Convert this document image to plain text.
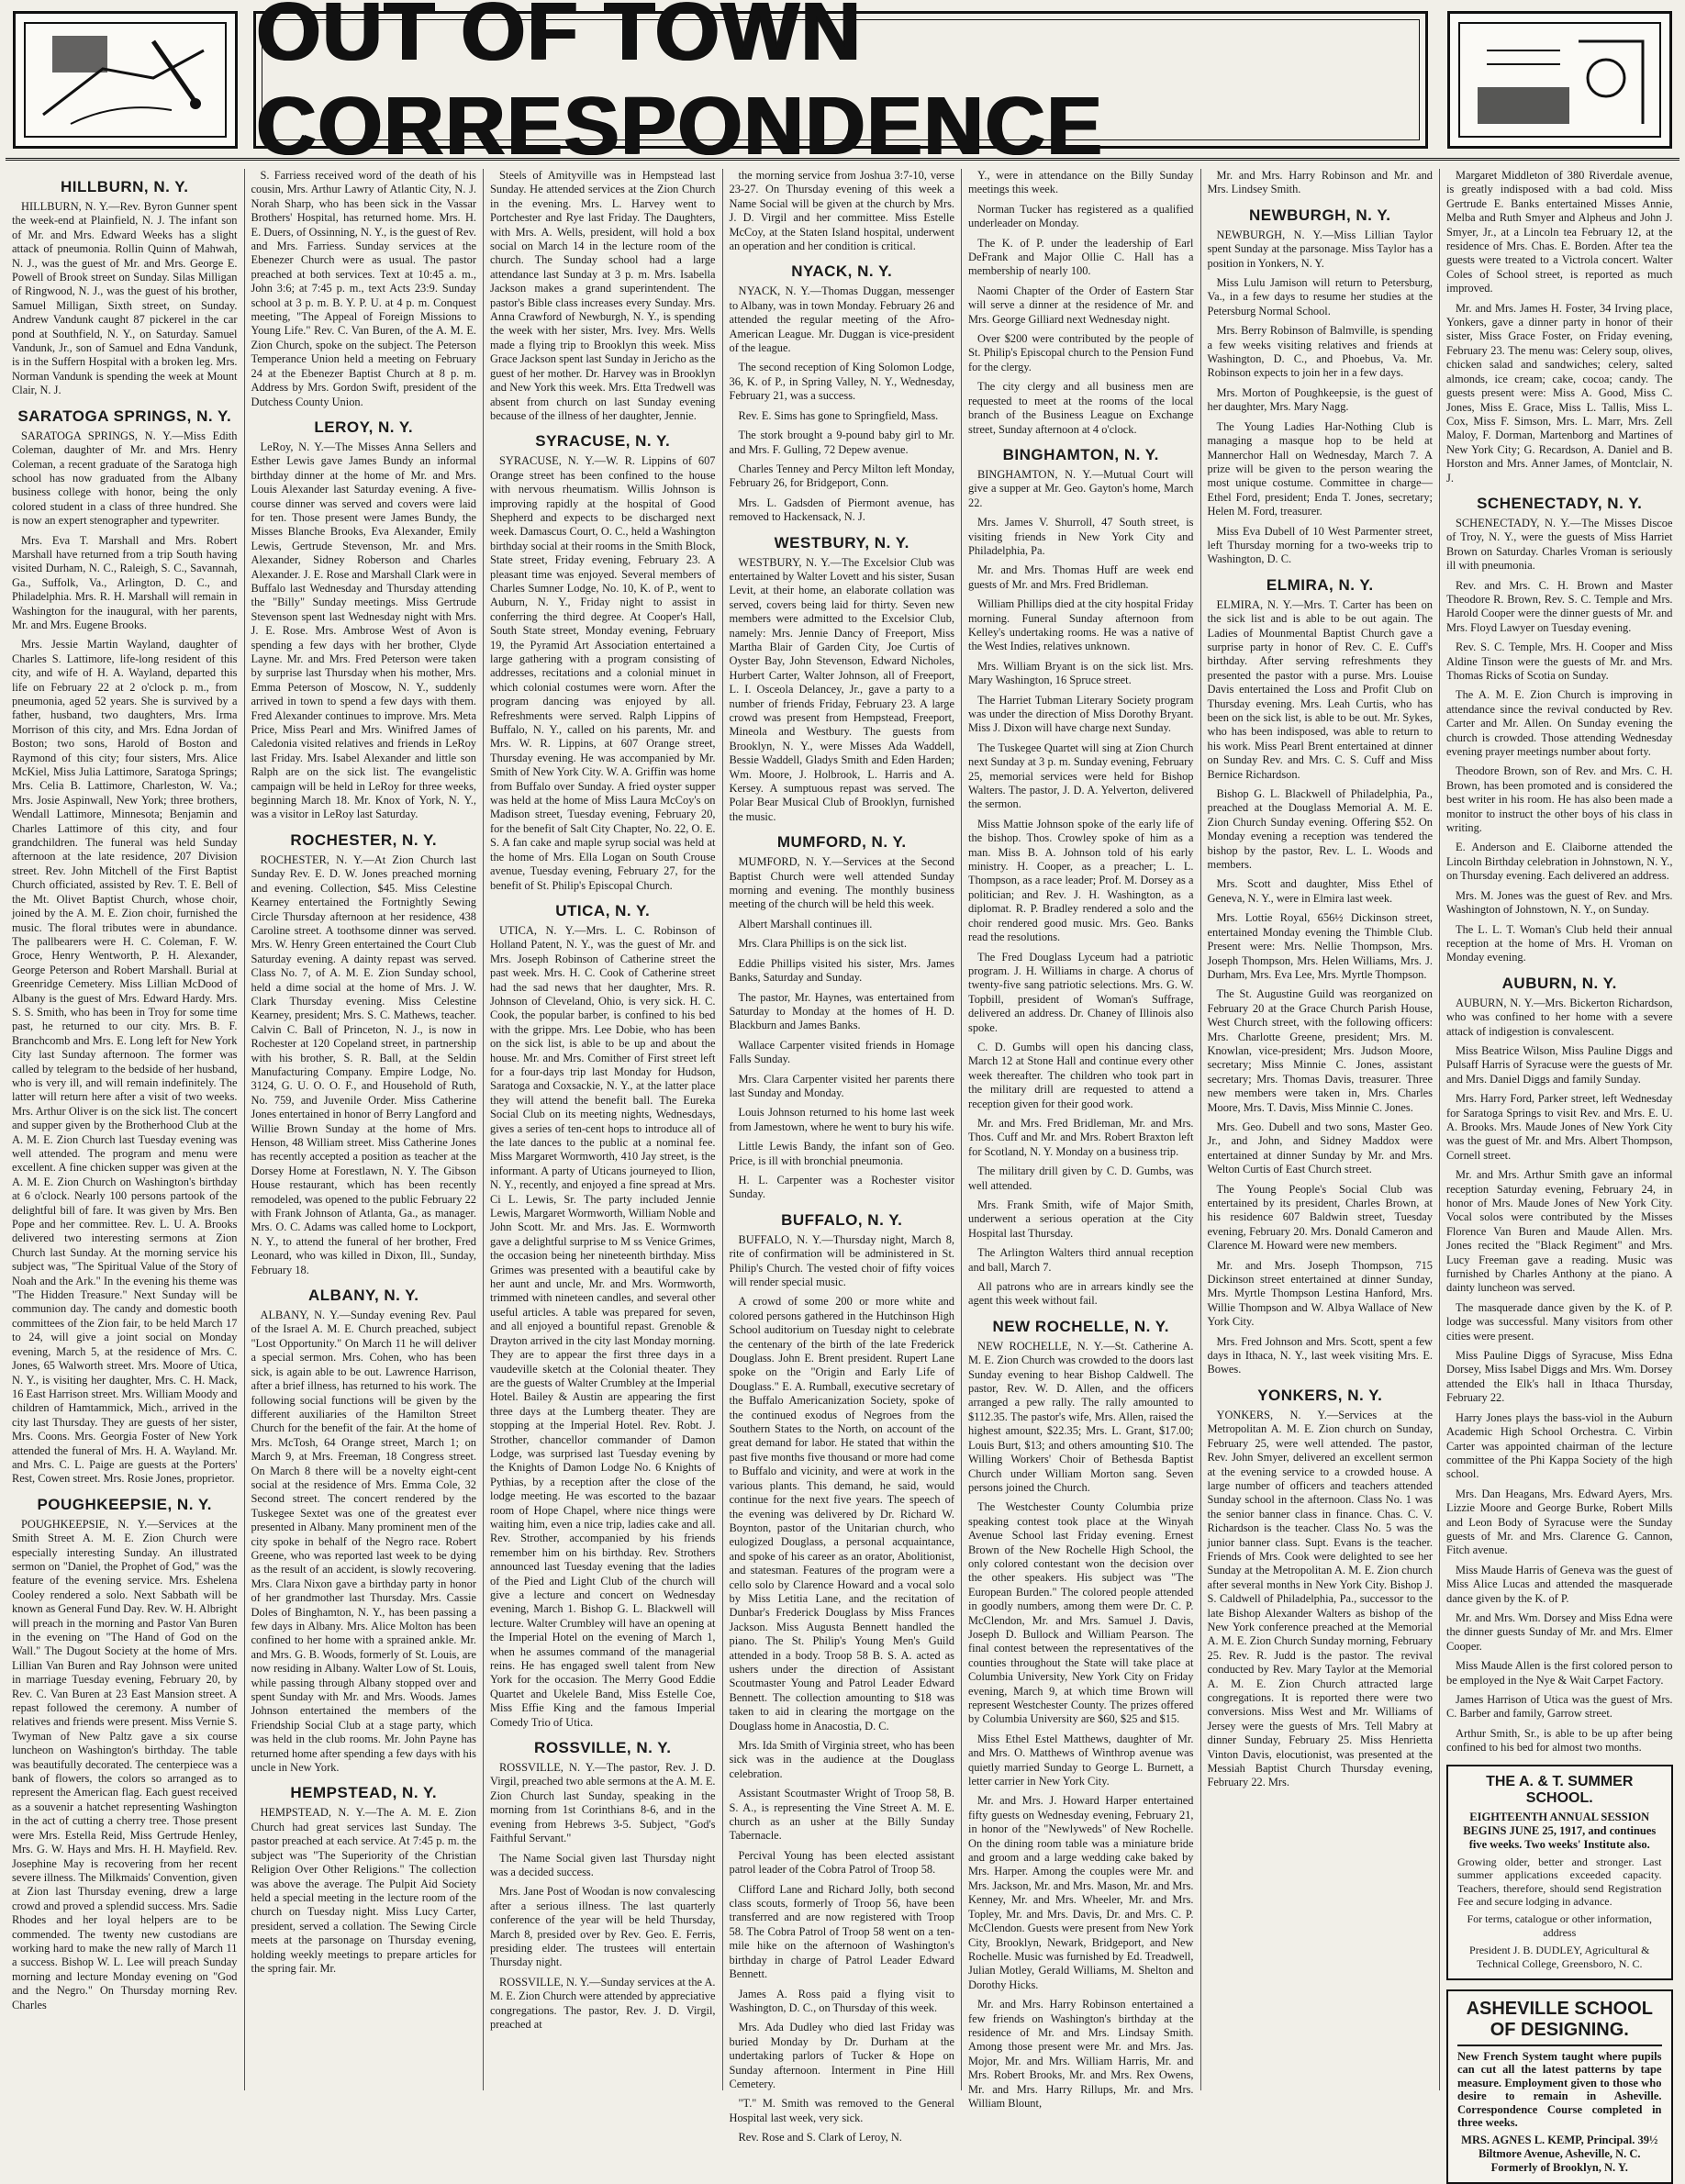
OUT OF TOWN CORRESPONDENCE
HILLBURN, N. Y.

HILLBURN, N. Y.—Rev. Byron Gunner spent the week-end at Plainfield, N. J. The infant son of Mr. and Mrs. Edward Weeks has a slight attack of pneumonia. Rollin Quinn of Mahwah, N. J., was the guest of Mr. and Mrs. George E. Powell of Brook street on Sunday. Silas Milligan of Ringwood, N. J., was the guest of his brother, Samuel Milligan, Sixth street, on Sunday. Andrew Vandunk caught 87 pickerel in the car pond at Southfield, N. Y., on Saturday. Samuel Vandunk, Jr., son of Samuel and Edna Vandunk, is in the Suffern Hospital with a broken leg. Mrs. Norman Vandunk is spending the week at Mount Clair, N. J.

SARATOGA SPRINGS, N. Y.

SARATOGA SPRINGS, N. Y.—Miss Edith Coleman, daughter of Mr. and Mrs. Henry Coleman, a recent graduate of the Saratoga high school has now graduated from the Albany business college with honor, being the only colored student in a class of three hundred. She is now an expert stenographer and typewriter.

Mrs. Eva T. Marshall and Mrs. Robert Marshall have returned from a trip South having visited Durham, N. C., Raleigh, S. C., Savannah, Ga., Suffolk, Va., Arlington, D. C., and Philadelphia. Mrs. R. H. Marshall will remain in Washington for the inaugural, with her parents, Mr. and Mrs. Eugene Brooks.

Mrs. Jessie Martin Wayland, daughter of Charles S. Lattimore, life-long resident of this city, and wife of H. A. Wayland, departed this life on February 22 at 2 o'clock p. m., from pneumonia, aged 52 years. She is survived by a father, husband, two daughters, Mrs. Irma Morrison of this city, and Mrs. Edna Jordan of Boston; two sons, Harold of Boston and Raymond of this city; four sisters, Mrs. Alice McKiel, Miss Julia Lattimore, Saratoga Springs; Mrs. Celia B. Lattimore, Charleston, W. Va.; Mrs. Josie Aspinwall, New York; three brothers, Wendall Lattimore, Minnesota; Benjamin and Charles Lattimore of this city, and four grandchildren. The funeral was held Sunday afternoon at the late residence, 207 Division street. Rev. John Mitchell of the First Baptist Church officiated, assisted by Rev. T. E. Bell of the Mt. Olivet Baptist Church, whose choir, joined by the A. M. E. Zion choir, furnished the music. The floral tributes were in abundance. The pallbearers were H. C. Coleman, F. W. Groce, Henry Wentworth, P. H. Alexander, George Peterson and Robert Marshall. Burial at Greenridge Cemetery. Miss Lillian McDood of Albany is the guest of Mrs. Edward Hardy. Mrs. S. S. Smith, who has been in Troy for some time past, he returned to our city. Mrs. B. F. Branchcomb and Mrs. E. Long left for New York City last Sunday afternoon. The former was called by telegram to the bedside of her husband, who is very ill, and will remain indefinitely. The latter will return here after a visit of two weeks. Mrs. Arthur Oliver is on the sick list. The concert and supper given by the Brotherhood Club at the A. M. E. Zion Church last Tuesday evening was well attended. The program and menu were excellent. A fine chicken supper was given at the A. M. E. Zion Church on Washington's birthday at 6 o'clock. Nearly 100 persons partook of the delightful bill of fare. It was given by Mrs. Ben Pope and her committee. Rev. L. U. A. Brooks delivered two interesting sermons at Zion Church last Sunday. At the morning service his subject was, "The Spiritual Value of the Story of Noah and the Ark." In the evening his theme was "The Hidden Treasure." Next Sunday will be communion day. The candy and domestic booth committees of the Zion fair, to be held March 17 to 24, will give a joint social on Monday evening, March 5, at the residence of Mrs. C. Jones, 65 Walworth street. Mrs. Moore of Utica, N. Y., is visiting her daughter, Mrs. C. H. Mack, 16 East Harrison street. Mrs. William Moody and children of Hamtammick, Mich., arrived in the city last Thursday. They are guests of her sister, Mrs. Coons. Mrs. Georgia Foster of New York attended the funeral of Mrs. H. A. Wayland. Mr. and Mrs. C. L. Paige are guests at the Porters' Rest, Cowen street. Mrs. Rosie Jones, proprietor.

POUGHKEEPSIE, N. Y.

POUGHKEEPSIE, N. Y.—Services at the Smith Street A. M. E. Zion Church were especially interesting Sunday. An illustrated sermon on "Daniel, the Prophet of God," was the feature of the evening service. Mrs. Eshelena Cooley rendered a solo. Next Sabbath will be known as General Fund Day. Rev. W. H. Albright will preach in the morning and Pastor Van Buren in the evening on "The Hand of God on the Wall." The Dugout Society at the home of Mrs. Lillian Van Buren and Ray Johnson were united in marriage Tuesday evening, February 20, by Rev. C. Van Buren at 23 East Mansion street. A repast followed the ceremony. A number of relatives and friends were present. Miss Vernie S. Twyman of New Paltz gave a six course luncheon on Washington's birthday. The table was beautifully decorated. The centerpiece was a bank of flowers, the colors so arranged as to represent the American flag. Each guest received as a souvenir a hatchet representing Washington in the act of cutting a cherry tree. Those present were Mrs. Estella Reid, Miss Gertrude Henley, Mrs. G. W. Hays and Mrs. H. H. Mayfield. Rev. Josephine May is recovering from her recent severe illness. The Milkmaids' Convention, given at Zion last Thursday evening, drew a large crowd and proved a splendid success. Mrs. Sadie Rhodes and her loyal helpers are to be commended. The twenty new custodians are working hard to make the new rally of March 11 a success. Bishop W. L. Lee will preach Sunday morning and lecture Monday evening on "God and the Negro." On Thursday morning Rev. Charles

S. Farriess received word of the death of his cousin, Mrs. Arthur Lawry of Atlantic City, N. J. Norah Sharp, who has been sick in the Vassar Brothers' Hospital, has returned home. Mrs. H. E. Duers, of Ossinning, N. Y., is the guest of Rev. and Mrs. Farriess. Sunday services at the Ebenezer Church were as usual. The pastor preached at both services. Text at 10:45 a. m., John 3:6; at 7:45 p. m., text Acts 23:9. Sunday school at 3 p. m. B. Y. P. U. at 4 p. m. Conquest meeting, "The Appeal of Foreign Missions to Young Life." Rev. C. Van Buren, of the A. M. E. Zion Church, spoke on the subject. The Peterson Temperance Union held a meeting on February 24 at the Ebenezer Baptist Church at 8 p. m. Address by Mrs. Gordon Swift, president of the Dutchess County Union.

LEROY, N. Y.

LeRoy, N. Y.—The Misses Anna Sellers and Esther Lewis gave James Bundy an informal birthday dinner at the home of Mr. and Mrs. Louis Alexander last Saturday evening. A five-course dinner was served and covers were laid for ten. Those present were James Bundy, the Misses Blanche Brooks, Eva Alexander, Emily Lewis, Gertrude Stevenson, Mr. and Mrs. Alexander, Sidney Roberson and Charles Alexander. J. E. Rose and Marshall Clark were in Buffalo last Wednesday and Thursday attending the "Billy" Sunday meetings. Miss Gertrude Stevenson spent last Wednesday night with Mrs. J. E. Rose. Mrs. Ambrose West of Avon is spending a few days with her brother, Clyde Layne. Mr. and Mrs. Fred Peterson were taken by surprise last Thursday when his mother, Mrs. Emma Peterson of Moscow, N. Y., suddenly arrived in town to spend a few days with them. Fred Alexander continues to improve. Mrs. Meta Price, Miss Pearl and Mrs. Winifred James of Caledonia visited relatives and friends in LeRoy last Friday. Mrs. Isabel Alexander and little son Ralph are on the sick list. The evangelistic campaign will be held in LeRoy for three weeks, beginning March 18. Mr. Knox of York, N. Y., was a visitor in LeRoy last Saturday.

ROCHESTER, N. Y.

ROCHESTER, N. Y.—At Zion Church last Sunday Rev. E. D. W. Jones preached morning and evening. Collection, $45. Miss Celestine Kearney entertained the Fortnightly Sewing Circle Thursday afternoon at her residence, 438 Caroline street. A toothsome dinner was served. Mrs. W. Henry Green entertained the Court Club Saturday evening. A dainty repast was served. Class No. 7, of A. M. E. Zion Sunday school, held a dime social at the home of Mrs. J. W. Clark Thursday evening. Miss Celestine Kearney, president; Mrs. S. C. Mathews, teacher. Calvin C. Ball of Princeton, N. J., is now in Rochester at 120 Copeland street, in partnership with his brother, S. R. Ball, at the Seldin Manufacturing Company. Empire Lodge, No. 3124, G. U. O. O. F., and Household of Ruth, No. 759, and Juvenile Order. Miss Catherine Jones entertained in honor of Berry Langford and Willie Brown Sunday at the home of Mrs. Henson, 48 William street. Miss Catherine Jones has recently accepted a position as teacher at the Dorsey Home at Forestlawn, N. Y. The Gibson House restaurant, which has been recently remodeled, was opened to the public February 22 with Frank Johnson of Atlanta, Ga., as manager. Mrs. O. C. Adams was called home to Lockport, N. Y., to attend the funeral of her brother, Fred Leonard, who was killed in Dixon, Ill., Sunday, February 18.

ALBANY, N. Y.

ALBANY, N. Y.—Sunday evening Rev. Paul of the Israel A. M. E. Church preached, subject "Lost Opportunity." On March 11 he will deliver a special sermon. Mrs. Cohen, who has been sick, is again able to be out. Lawrence Harrison, after a brief illness, has returned to his work. The following social functions will be given by the different auxiliaries of the Hamilton Street Church for the benefit of the fair. At the home of Mrs. McTosh, 64 Orange street, March 1; on March 9, at Mrs. Freeman, 18 Congress street. On March 8 there will be a novelty eight-cent social at the residence of Mrs. Emma Cole, 32 Second street. The concert rendered by the Tuskegee Sextet was one of the greatest ever presented in Albany. Many prominent men of the city spoke in behalf of the Negro race. Robert Greene, who was reported last week to be dying as the result of an accident, is slowly recovering. Mrs. Clara Nixon gave a birthday party in honor of her grandmother last Thursday. Mrs. Cassie Doles of Binghamton, N. Y., has been passing a few days in Albany. Mrs. Alice Molton has been confined to her home with a sprained ankle. Mr. and Mrs. G. B. Woods, formerly of St. Louis, are now residing in Albany. Walter Low of St. Louis, while passing through Albany stopped over and spent Sunday with Mr. and Mrs. Woods. James Johnson entertained the members of the Friendship Social Club at a stage party, which was held in the club rooms. Mr. John Payne has returned home after spending a few days with his uncle in New York.

HEMPSTEAD, N. Y.

HEMPSTEAD, N. Y.—The A. M. E. Zion Church had great services last Sunday. The pastor preached at each service. At 7:45 p. m. the subject was "The Superiority of the Christian Religion Over Other Religions." The collection was above the average. The Pulpit Aid Society held a special meeting in the lecture room of the church on Tuesday night. Miss Lucy Carter, president, served a collation. The Sewing Circle meets at the parsonage on Thursday evening, holding weekly meetings to prepare articles for the spring fair. Mr.

Steels of Amityville was in Hempstead last Sunday. He attended services at the Zion Church in the evening. Mrs. L. Harvey went to Portchester and Rye last Friday. The Daughters, with Mrs. A. Wells, president, will hold a box social on March 14 in the lecture room of the church. The Sunday school had a large attendance last Sunday at 3 p. m. Mrs. Isabella Jackson makes a grand superintendent. The pastor's Bible class increases every Sunday. Mrs. Anna Crawford of Newburgh, N. Y., is spending the week with her sister, Mrs. Ivey. Mrs. Wells made a flying trip to Brooklyn this week. Miss Grace Jackson spent last Sunday in Jericho as the guest of her mother. Dr. Harvey was in Brooklyn and New York this week. Mrs. Etta Tredwell was absent from church on last Sunday evening because of the illness of her daughter, Jennie.

SYRACUSE, N. Y.

SYRACUSE, N. Y.—W. R. Lippins of 607 Orange street has been confined to the house with nervous rheumatism. Willis Johnson is improving rapidly at the hospital of Good Shepherd and expects to be discharged next week. Damascus Court, O. C., held a Washington birthday social at their rooms in the Smith Block, State street, Friday evening, February 23. A pleasant time was enjoyed. Several members of Charles Sumner Lodge, No. 10, K. of P., went to Auburn, N. Y., Friday night to assist in conferring the third degree. At Cooper's Hall, South State street, Monday evening, February 19, the Pyramid Art Association entertained a large gathering with a program consisting of addresses, recitations and a colonial minuet in which colonial costumes were worn. After the program dancing was enjoyed by all. Refreshments were served. Ralph Lippins of Buffalo, N. Y., called on his parents, Mr. and Mrs. W. R. Lippins, at 607 Orange street, Thursday evening. He was accompanied by Mr. Smith of New York City. W. A. Griffin was home from Buffalo over Sunday. A fried oyster supper was held at the home of Miss Laura McCoy's on Madison street, Tuesday evening, February 20, for the benefit of Salt City Chapter, No. 22, O. E. S. A fan cake and maple syrup social was held at the home of Mrs. Ella Logan on South Crouse avenue, Tuesday evening, February 27, for the benefit of St. Philip's Episcopal Church.

UTICA, N. Y.

UTICA, N. Y.—Mrs. L. C. Robinson of Holland Patent, N. Y., was the guest of Mr. and Mrs. Joseph Robinson of Catherine street the past week. Mrs. H. C. Cook of Catherine street had the sad news that her daughter, Mrs. R. Johnson of Cleveland, Ohio, is very sick. H. C. Cook, the popular barber, is confined to his bed with the grippe. Mrs. Lee Dobie, who has been on the sick list, is able to be up and about the house. Mr. and Mrs. Comither of First street left for a four-days trip last Monday for Hudson, Saratoga and Coxsackie, N. Y., at the latter place they will attend the benefit ball. The Eureka Social Club on its meeting nights, Wednesdays, gives a series of ten-cent hops to introduce all of the late dances to the public at a nominal fee. Miss Margaret Wormworth, 410 Jay street, is the informant. A party of Uticans journeyed to Ilion, N. Y., recently, and enjoyed a fine spread at Mrs. Ci L. Lewis, Sr. The party included Jennie Lewis, Margaret Wormworth, William Noble and John Scott. Mr. and Mrs. Jas. E. Wormworth gave a delightful surprise to M ss Venice Grimes, the occasion being her nineteenth birthday. Miss Grimes was presented with a beautiful cake by her aunt and uncle, Mr. and Mrs. Wormworth, trimmed with nineteen candles, and several other useful articles. A table was prepared for seven, and all enjoyed a bountiful repast. Grenoble & Drayton arrived in the city last Monday morning. They are to appear the first three days in a vaudeville sketch at the Colonial theater. They are the guests of Walter Crumbley at the Imperial Hotel. Bailey & Austin are appearing the first three days at the Lumberg theater. They are stopping at the Imperial Hotel. Rev. Robt. J. Strother, chancellor commander of Damon Lodge, was surprised last Tuesday evening by the Knights of Damon Lodge No. 6 Knights of Pythias, by a reception after the close of the lodge meeting. He was escorted to the bazaar room of Hope Chapel, where nice things were waiting him, even a nice trip, ladies cake and all. Rev. Strother, accompanied by his friends remember him on his birthday. Rev. Strothers announced last Tuesday evening that the ladies of the Pied and Light Club of the church will give a lecture and concert on Wednesday evening, March 1. Bishop G. L. Blackwell will lecture. Walter Crumbley will have an opening at the Imperial Hotel on the evening of March 1, when he assumes command of the managerial reins. He has engaged swell talent from New York for the occasion. The Merry Good Eddie Quartet and Ukelele Band, Miss Estelle Coe, Miss Effie King and the famous Imperial Comedy Trio of Utica.

ROSSVILLE, N. Y.

ROSSVILLE, N. Y.—The pastor, Rev. J. D. Virgil, preached two able sermons at the A. M. E. Zion Church last Sunday, speaking in the morning from 1st Corinthians 8-6, and in the evening from Hebrews 3-5. Subject, "God's Faithful Servant."

The Name Social given last Thursday night was a decided success.

Mrs. Jane Post of Woodan is now convalescing after a serious illness. The last quarterly conference of the year will be held Thursday, March 8, presided over by Rev. Geo. E. Ferris, presiding elder. The trustees will entertain Thursday night.

ROSSVILLE, N. Y.—Sunday services at the A. M. E. Zion Church were attended by appreciative congregations. The pastor, Rev. J. D. Virgil, preached at

the morning service from Joshua 3:7-10, verse 23-27. On Thursday evening of this week a Name Social will be given at the church by Mrs. J. D. Virgil and her committee. Miss Estelle McCoy, at the Staten Island hospital, underwent an operation and her condition is critical.

NYACK, N. Y.

NYACK, N. Y.—Thomas Duggan, messenger to Albany, was in town Monday. February 26 and attended the regular meeting of the Afro-American League. Mr. Duggan is vice-president of the league.

The second reception of King Solomon Lodge, 36, K. of P., in Spring Valley, N. Y., Wednesday, February 21, was a success.

Rev. E. Sims has gone to Springfield, Mass.

The stork brought a 9-pound baby girl to Mr. and Mrs. F. Gulling, 72 Depew avenue.

Charles Tenney and Percy Milton left Monday, February 26, for Bridgeport, Conn.

Mrs. L. Gadsden of Piermont avenue, has removed to Hackensack, N. J.

WESTBURY, N. Y.

WESTBURY, N. Y.—The Excelsior Club was entertained by Walter Lovett and his sister, Susan Levit, at their home, an elaborate collation was served, covers being laid for thirty. Seven new members were admitted to the Excelsior Club, namely: Mrs. Jennie Dancy of Freeport, Miss Martha Blair of Garden City, Joe Curtis of Oyster Bay, John Stevenson, Edward Nicholes, Hurbert Carter, Walter Johnson, all of Freeport, L. I. Osceola Delancey, Jr., gave a party to a number of friends Friday, February 23. A large crowd was present from Hempstead, Freeport, Mineola and Westbury. The guests from Brooklyn, N. Y., were Misses Ada Waddell, Bessie Waddell, Gladys Smith and Eden Harden; Wm. Moore, J. Holbrook, L. Harris and A. Kersey. A sumptuous repast was served. The Polar Bear Musical Club of Brooklyn, furnished the music.

MUMFORD, N. Y.

MUMFORD, N. Y.—Services at the Second Baptist Church were well attended Sunday morning and evening. The monthly business meeting of the church will be held this week.

Albert Marshall continues ill.

Mrs. Clara Phillips is on the sick list.

Eddie Phillips visited his sister, Mrs. James Banks, Saturday and Sunday.

The pastor, Mr. Haynes, was entertained from Saturday to Monday at the homes of H. D. Blackburn and James Banks.

Wallace Carpenter visited friends in Homage Falls Sunday.

Mrs. Clara Carpenter visited her parents there last Sunday and Monday.

Louis Johnson returned to his home last week from Jamestown, where he went to bury his wife.

Little Lewis Bandy, the infant son of Geo. Price, is ill with bronchial pneumonia.

H. L. Carpenter was a Rochester visitor Sunday.

BUFFALO, N. Y.

BUFFALO, N. Y.—Thursday night, March 8, rite of confirmation will be administered in St. Philip's Church. The vested choir of fifty voices will render special music.

A crowd of some 200 or more white and colored persons gathered in the Hutchinson High School auditorium on Tuesday night to celebrate the centenary of the birth of the late Frederick Douglass. John E. Brent president. Rupert Lane spoke on the "Origin and Early Life of Douglass." E. A. Rumball, executive secretary of the Buffalo Americanization Society, spoke of the continued exodus of Negroes from the Southern States to the North, on account of the great demand for labor. He stated that within the past five months five thousand or more had come to Buffalo and vicinity, and were at work in the various plants. This demand, he said, would continue for the next five years. The speech of the evening was delivered by Dr. Richard W. Boynton, pastor of the Unitarian church, who eulogized Douglass, a personal acquaintance, and spoke of his career as an orator, Abolitionist, and statesman. Features of the program were a cello solo by Clarence Howard and a vocal solo by Miss Letitia Lane, and the recitation of Dunbar's Frederick Douglass by Miss Frances Jackson. Miss Augusta Bennett handled the piano. The St. Philip's Young Men's Guild attended in a body. Troop 58 B. S. A. acted as ushers under the direction of Assistant Scoutmaster Young and Patrol Leader Edward Bennett. The collection amounting to $18 was taken to aid in clearing the mortgage on the Douglass home in Anacostia, D. C.

Mrs. Ida Smith of Virginia street, who has been sick was in the audience at the Douglass celebration.

Assistant Scoutmaster Wright of Troop 58, B. S. A., is representing the Vine Street A. M. E. church as an usher at the Billy Sunday Tabernacle.

Percival Young has been elected assistant patrol leader of the Cobra Patrol of Troop 58.

Clifford Lane and Richard Jolly, both second class scouts, formerly of Troop 56, have been transferred and are now registered with Troop 58. The Cobra Patrol of Troop 58 went on a ten-mile hike on the afternoon of Washington's birthday in charge of Patrol Leader Edward Bennett.

James A. Ross paid a flying visit to Washington, D. C., on Thursday of this week.

Mrs. Ada Dudley who died last Friday was buried Monday by Dr. Durham at the undertaking parlors of Tucker & Hope on Sunday afternoon. Interment in Pine Hill Cemetery.

"T." M. Smith was removed to the General Hospital last week, very sick.

Rev. Rose and S. Clark of Leroy, N.

Y., were in attendance on the Billy Sunday meetings this week.

Norman Tucker has registered as a qualified underleader on Monday.

The K. of P. under the leadership of Earl DeFrank and Major Ollie C. Hall has a membership of nearly 100.

Naomi Chapter of the Order of Eastern Star will serve a dinner at the residence of Mr. and Mrs. George Gilliard next Wednesday night.

Over $200 were contributed by the people of St. Philip's Episcopal church to the Pension Fund for the clergy.

The city clergy and all business men are requested to meet at the rooms of the local branch of the Business League on Exchange street, Sunday afternoon at 4 o'clock.

BINGHAMTON, N. Y.

BINGHAMTON, N. Y.—Mutual Court will give a supper at Mr. Geo. Gayton's home, March 22.

Mrs. James V. Shurroll, 47 South street, is visiting friends in New York City and Philadelphia, Pa.

Mr. and Mrs. Thomas Huff are week end guests of Mr. and Mrs. Fred Bridleman.

William Phillips died at the city hospital Friday morning. Funeral Sunday afternoon from Kelley's undertaking rooms. He was a native of the West Indies, relatives unknown.

Mrs. William Bryant is on the sick list. Mrs. Mary Washington, 16 Spruce street.

The Harriet Tubman Literary Society program was under the direction of Miss Dorothy Bryant. Miss J. Dixon will have charge next Sunday.

The Tuskegee Quartet will sing at Zion Church next Sunday at 3 p. m. Sunday evening, February 25, memorial services were held for Bishop Walters. The pastor, J. D. A. Yelverton, delivered the sermon.

Miss Mattie Johnson spoke of the early life of the bishop. Thos. Crowley spoke of him as a man. Miss B. A. Johnson told of his early ministry. H. Cooper, as a preacher; L. L. Thompson, as a race leader; Prof. M. Dorsey as a politician; and Rev. J. H. Washington, as a diplomat. R. P. Bradley rendered a solo and the choir rendered good music. Mrs. Geo. Banks read the resolutions.

The Fred Douglass Lyceum had a patriotic program. J. H. Williams in charge. A chorus of twenty-five sang patriotic selections. Mrs. G. W. Topbill, president of Woman's Suffrage, delivered an address. Dr. Chaney of Illinois also spoke.

C. D. Gumbs will open his dancing class, March 12 at Stone Hall and continue every other week thereafter. The children who took part in the military drill are requested to attend a reception given for their good work.

Mr. and Mrs. Fred Bridleman, Mr. and Mrs. Thos. Cuff and Mr. and Mrs. Robert Braxton left for Scotland, N. Y. Monday on a business trip.

The military drill given by C. D. Gumbs, was well attended.

Mrs. Frank Smith, wife of Major Smith, underwent a serious operation at the City Hospital last Thursday.

The Arlington Walters third annual reception and ball, March 7.

All patrons who are in arrears kindly see the agent this week without fail.

NEW ROCHELLE, N. Y.

NEW ROCHELLE, N. Y.—St. Catherine A. M. E. Zion Church was crowded to the doors last Sunday evening to hear Bishop Caldwell. The pastor, Rev. W. D. Allen, and the officers arranged a pew rally. The rally amounted to $112.35. The pastor's wife, Mrs. Allen, raised the highest amount, $22.35; Mrs. L. Grant, $17.00; Louis Burt, $13; and others amounting $10. The Willing Workers' Choir of Bethesda Baptist Church under William Morton sang. Seven persons joined the Church.

The Westchester County Columbia prize speaking contest took place at the Winyah Avenue School last Friday evening. Ernest Brown of the New Rochelle High School, the only colored contestant won the decision over the other speakers. His subject was "The European Burden." The colored people attended in goodly numbers, among them were Dr. C. P. McClendon, Mr. and Mrs. Samuel J. Davis, Joseph D. Bullock and William Pearson. The final contest between the representatives of the counties throughout the State will take place at Columbia University, New York City on Friday evening, March 9, at which time Brown will represent Westchester County. The prizes offered by Columbia University are $60, $25 and $15.

Miss Ethel Estel Matthews, daughter of Mr. and Mrs. O. Matthews of Winthrop avenue was quietly married Sunday to George L. Burnett, a letter carrier in New York City.

Mr. and Mrs. J. Howard Harper entertained fifty guests on Wednesday evening, February 21, in honor of the "Newlyweds" of New Rochelle. On the dining room table was a miniature bride and groom and a large wedding cake baked by Mrs. Harper. Among the couples were Mr. and Mrs. Jackson, Mr. and Mrs. Mason, Mr. and Mrs. Kenney, Mr. and Mrs. Wheeler, Mr. and Mrs. Topley, Mr. and Mrs. Davis, Dr. and Mrs. C. P. McClendon. Guests were present from New York City, Brooklyn, Newark, Bridgeport, and New Rochelle. Music was furnished by Ed. Treadwell, Julian Motley, Gerald Williams, M. Shelton and Dorothy Hicks.

Mr. and Mrs. Harry Robinson entertained a few friends on Washington's birthday at the residence of Mr. and Mrs. Lindsay Smith. Among those present were Mr. and Mrs. Jas. Mojor, Mr. and Mrs. William Harris, Mr. and Mrs. Robert Brooks, Mr. and Mrs. Rex Owens, Mr. and Mrs. Harry Rillups, Mr. and Mrs. William Blount,

Mr. and Mrs. Harry Robinson and Mr. and Mrs. Lindsey Smith.

NEWBURGH, N. Y.

NEWBURGH, N. Y.—Miss Lillian Taylor spent Sunday at the parsonage. Miss Taylor has a position in Yonkers, N. Y.

Miss Lulu Jamison will return to Petersburg, Va., in a few days to resume her studies at the Petersburg Normal School.

Mrs. Berry Robinson of Balmville, is spending a few weeks visiting relatives and friends at Washington, D. C., and Phoebus, Va. Mr. Robinson expects to join her in a few days.

Mrs. Morton of Poughkeepsie, is the guest of her daughter, Mrs. Mary Nagg.

The Young Ladies Har-Nothing Club is managing a masque hop to be held at Mannerchor Hall on Wednesday, March 7. A prize will be given to the person wearing the most unique costume. Committee in charge—Ethel Ford, president; Enda T. Jones, secretary; Helen M. Ford, treasurer.

Miss Eva Dubell of 10 West Parmenter street, left Thursday morning for a two-weeks trip to Washington, D. C.

ELMIRA, N. Y.

ELMIRA, N. Y.—Mrs. T. Carter has been on the sick list and is able to be out again. The Ladies of Mounmental Baptist Church gave a surprise party in honor of Rev. C. E. Cuff's birthday. After serving refreshments they presented the pastor with a purse. Mrs. Louise Davis entertained the Loss and Profit Club on Thursday evening. Mrs. Leah Curtis, who has been on the sick list, is able to be out. Mr. Sykes, who has been indisposed, was able to return to his work. Miss Pearl Brent entertained at dinner on Sunday Rev. and Mrs. C. S. Cuff and Miss Bernice Richardson.

Bishop G. L. Blackwell of Philadelphia, Pa., preached at the Douglass Memorial A. M. E. Zion Church Sunday evening. Offering $52. On Monday evening a reception was tendered the bishop by the pastor, Rev. L. L. Woods and members.

Mrs. Scott and daughter, Miss Ethel of Geneva, N. Y., were in Elmira last week.

Mrs. Lottie Royal, 656½ Dickinson street, entertained Monday evening the Thimble Club. Present were: Mrs. Nellie Thompson, Mrs. Joseph Thompson, Mrs. Helen Williams, Mrs. J. Durham, Mrs. Eva Lee, Mrs. Myrtle Thompson.

The St. Augustine Guild was reorganized on February 20 at the Grace Church Parish House, West Church street, with the following officers: Mrs. Charlotte Greene, president; Mrs. M. Knowlan, vice-president; Mrs. Judson Moore, secretary; Miss Minnie C. Jones, assistant secretary; Mrs. Thomas Davis, treasurer. Three new members were taken in, Mrs. Charles Moore, Mrs. T. Davis, Miss Minnie C. Jones.

Mrs. Geo. Dubell and two sons, Master Geo. Jr., and John, and Sidney Maddox were entertained at dinner Sunday by Mr. and Mrs. Welton Curtis of East Church street.

The Young People's Social Club was entertained by its president, Charles Brown, at his residence 607 Baldwin street, Tuesday evening, February 20. Mrs. Donald Cameron and Clarence M. Howard were new members.

Mr. and Mrs. Joseph Thompson, 715 Dickinson street entertained at dinner Sunday, Mrs. Myrtle Thompson Lestina Hanford, Mrs. Willie Thompson and W. Albya Wallace of New York City.

Mrs. Fred Johnson and Mrs. Scott, spent a few days in Ithaca, N. Y., last week visiting Mrs. E. Bowes.

YONKERS, N. Y.

YONKERS, N. Y.—Services at the Metropolitan A. M. E. Zion church on Sunday, February 25, were well attended. The pastor, Rev. John Smyer, delivered an excellent sermon at the evening service to a crowded house. A large number of officers and teachers attended Sunday school in the afternoon. Class No. 1 was the senior banner class in finance. Chas. C. V. Richardson is the teacher. Class No. 5 was the junior banner class. Supt. Evans is the teacher. Friends of Mrs. Cook were delighted to see her Sunday at the Metropolitan A. M. E. Zion church after several months in New York City. Bishop J. S. Caldwell of Philadelphia, Pa., successor to the late Bishop Alexander Walters as bishop of the New York conference preached at the Memorial A. M. E. Zion Church Sunday morning, February 25. Rev. R. Judd is the pastor. The revival conducted by Rev. Mary Taylor at the Memorial A. M. E. Zion Church attracted large congregations. It is reported there were two conversions. Miss West and Mr. Williams of Jersey were the guests of Mrs. Tell Mabry at dinner Sunday, February 25. Miss Henrietta Vinton Davis, elocutionist, was presented at the Messiah Baptist Church Thursday evening, February 22. Mrs.

Margaret Middleton of 380 Riverdale avenue, is greatly indisposed with a bad cold. Miss Gertrude E. Banks entertained Misses Annie, Melba and Ruth Smyer and Alpheus and John J. Smyer, Jr., at a Lincoln tea February 12, at the residence of Mrs. Chas. E. Borden. After tea the guests were treated to a Victrola concert. Walter Coles of School street, is reported as much improved.

Mr. and Mrs. James H. Foster, 34 Irving place, Yonkers, gave a dinner party in honor of their sister, Miss Grace Foster, on Friday evening, February 23. The menu was: Celery soup, olives, chicken salad and sandwiches; celery, salted almonds, ice cream; cake, cocoa; candy. The guests present were: Miss A. Good, Miss C. Jones, Miss E. Grace, Miss L. Tallis, Miss L. Cox, Miss F. Simson, Mrs. L. Marr, Mrs. Zell Maloy, F. Dorman, Martenborg and Martines of New York City; G. Recardson, A. Daniel and B. Horston and Mrs. Anner James, of Montclair, N. J.

SCHENECTADY, N. Y.

SCHENECTADY, N. Y.—The Misses Discoe of Troy, N. Y., were the guests of Miss Harriet Brown on Saturday. Charles Vroman is seriously ill with pneumonia.

Rev. and Mrs. C. H. Brown and Master Theodore R. Brown, Rev. S. C. Temple and Mrs. Harold Cooper were the dinner guests of Mr. and Mrs. Floyd Lawyer on Tuesday evening.

Rev. S. C. Temple, Mrs. H. Cooper and Miss Aldine Tinson were the guests of Mr. and Mrs. Thomas Ricks of Scotia on Sunday.

The A. M. E. Zion Church is improving in attendance since the revival conducted by Rev. Carter and Mr. Allen. On Sunday evening the church is crowded. Those attending Wednesday evening prayer meetings number about forty.

Theodore Brown, son of Rev. and Mrs. C. H. Brown, has been promoted and is considered the best writer in his room. He has also been made a monitor to instruct the other boys of his class in writing.

E. Anderson and E. Claiborne attended the Lincoln Birthday celebration in Johnstown, N. Y., on Thursday evening. Each delivered an address.

Mrs. M. Jones was the guest of Rev. and Mrs. Washington of Johnstown, N. Y., on Sunday.

The L. L. T. Woman's Club held their annual reception at the home of Mrs. H. Vroman on Monday evening.

AUBURN, N. Y.

AUBURN, N. Y.—Mrs. Bickerton Richardson, who was confined to her home with a severe attack of indigestion is convalescent.

Miss Beatrice Wilson, Miss Pauline Diggs and Pulsaff Harris of Syracuse were the guests of Mr. and Mrs. Daniel Diggs and family Sunday.

Mrs. Harry Ford, Parker street, left Wednesday for Saratoga Springs to visit Rev. and Mrs. E. U. A. Brooks. Mrs. Maude Jones of New York City was the guest of Mr. and Mrs. Albert Thompson, Cornell street.

Mr. and Mrs. Arthur Smith gave an informal reception Saturday evening, February 24, in honor of Mrs. Maude Jones of New York City. Vocal solos were contributed by the Misses Florence Van Buren and Maude Allen. Mrs. Jones recited the "Black Regiment" and Mrs. Lucy Freeman gave a reading. Music was furnished by Charles Anthony at the piano. A dainty luncheon was served.

The masquerade dance given by the K. of P. lodge was successful. Many visitors from other cities were present.

Miss Pauline Diggs of Syracuse, Miss Edna Dorsey, Miss Isabel Diggs and Mrs. Wm. Dorsey attended the Elk's hall in Ithaca Thursday, February 22.

Harry Jones plays the bass-viol in the Auburn Academic High School Orchestra. C. Virbin Carter was appointed chairman of the lecture committee of the Phi Kappa Society of the high school.

Mrs. Dan Heagans, Mrs. Edward Ayers, Mrs. Lizzie Moore and George Burke, Robert Mills and Leon Body of Syracuse were the Sunday guests of Mr. and Mrs. Clarence G. Cannon, Fitch avenue.

Miss Maude Harris of Geneva was the guest of Miss Alice Lucas and attended the masquerade dance given by the K. of P.

Mr. and Mrs. Wm. Dorsey and Miss Edna were the dinner guests Sunday of Mr. and Mrs. Elmer Cooper.

Miss Maude Allen is the first colored person to be employed in the Nye & Wait Carpet Factory.

James Harrison of Utica was the guest of Mrs. C. Barber and family, Garrow street.

Arthur Smith, Sr., is able to be up after being confined to his bed for almost two months.

THE A. & T. SUMMER SCHOOL.
EIGHTEENTH ANNUAL SESSION BEGINS JUNE 25, 1917, and continues five weeks. Two weeks' Institute also.
Growing older, better and stronger. Last summer applications exceeded capacity. Teachers, therefore, should send Registration Fee and secure lodging in advance.
For terms, catalogue or other information, address
President J. B. DUDLEY, Agricultural & Technical College, Greensboro, N. C.
ASHEVILLE SCHOOL OF DESIGNING.
New French System taught where pupils can cut all the latest patterns by tape measure. Employment given to those who desire to remain in Asheville. Correspondence Course completed in three weeks.
MRS. AGNES L. KEMP, Principal. 39½ Biltmore Avenue, Asheville, N. C. Formerly of Brooklyn, N. Y.
